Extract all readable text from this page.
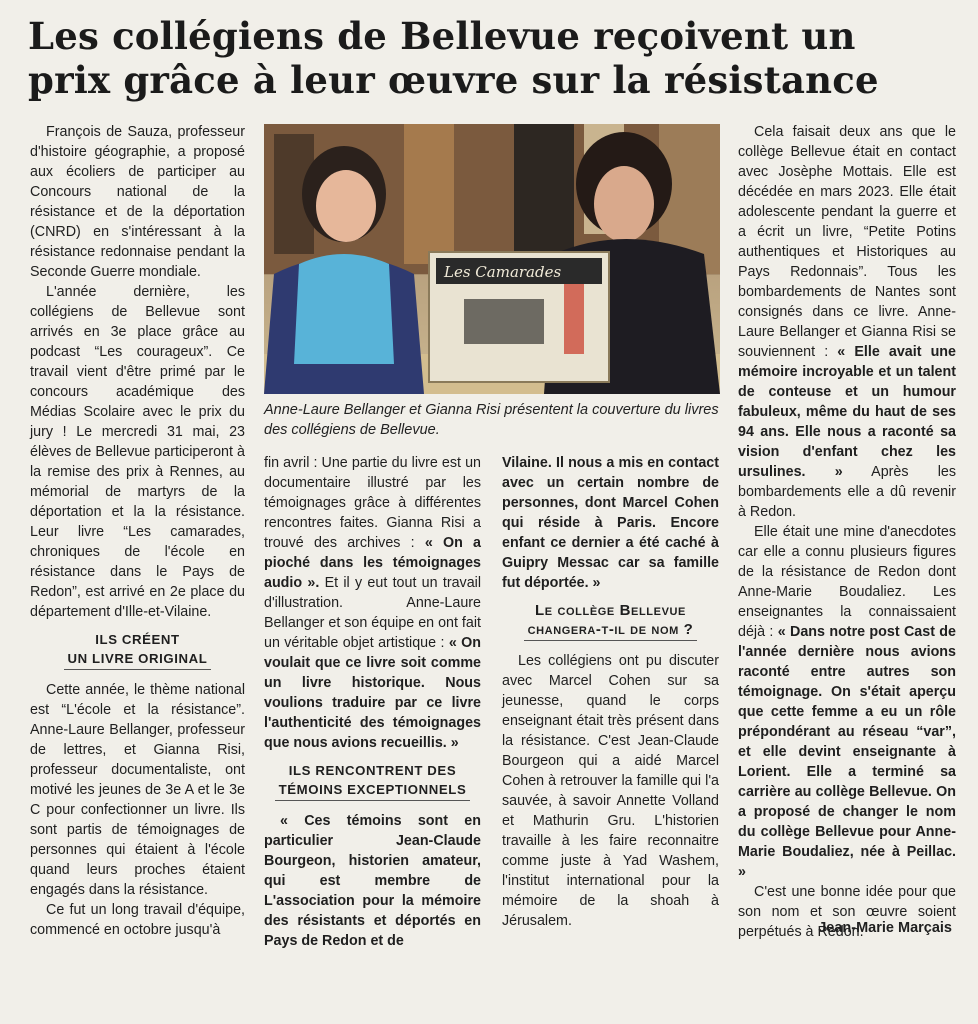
Les collégiens de Bellevue reçoivent un prix grâce à leur œuvre sur la résistance

François de Sauza, professeur d'histoire géographie, a proposé aux écoliers de participer au Concours national de la résistance et de la déportation (CNRD) en s'intéressant à la résistance redonnaise pendant la Seconde Guerre mondiale.

L'année dernière, les collégiens de Bellevue sont arrivés en 3e place grâce au podcast “Les courageux”. Ce travail vient d'être primé par le concours académique des Médias Scolaire avec le prix du jury ! Le mercredi 31 mai, 23 élèves de Bellevue participeront à la remise des prix à Rennes, au mémorial de martyrs de la déportation et la la résistance. Leur livre “Les camarades, chroniques de l'école en résistance dans le Pays de Redon”, est arrivé en 2e place du département d'Ille-et-Vilaine.

ILS CRÉENT
UN LIVRE ORIGINAL

Cette année, le thème national est “L'école et la résistance”. Anne-Laure Bellanger, professeur de lettres, et Gianna Risi, professeur documentaliste, ont motivé les jeunes de 3e A et le 3e C pour confectionner un livre. Ils sont partis de témoignages de personnes qui étaient à l'école quand leurs proches étaient engagés dans la résistance.

Ce fut un long travail d'équipe, commencé en octobre jusqu'à

Les Camarades
Anne-Laure Bellanger et Gianna Risi présentent la couverture du livres des collégiens de Bellevue.

fin avril : Une partie du livre est un documentaire illustré par les témoignages grâce à différentes rencontres faites. Gianna Risi a trouvé des archives : « On a pioché dans les témoignages audio ». Et il y eut tout un travail d'illustration. Anne-Laure Bellanger et son équipe en ont fait un véritable objet artistique : « On voulait que ce livre soit comme un livre historique. Nous voulions traduire par ce livre l'authenticité des témoignages que nous avions recueillis. »

ILS RENCONTRENT DES
TÉMOINS EXCEPTIONNELS

« Ces témoins sont en particulier Jean-Claude Bourgeon, historien amateur, qui est membre de L'association pour la mémoire des résistants et déportés en Pays de Redon et de

Vilaine. Il nous a mis en contact avec un certain nombre de personnes, dont Marcel Cohen qui réside à Paris. Encore enfant ce dernier a été caché à Guipry Messac car sa famille fut déportée. »

Le collège Bellevue
changera-t-il de nom ?

Les collégiens ont pu discuter avec Marcel Cohen sur sa jeunesse, quand le corps enseignant était très présent dans la résistance. C'est Jean-Claude Bourgeon qui a aidé Marcel Cohen à retrouver la famille qui l'a sauvée, à savoir Annette Volland et Mathurin Gru. L'historien travaille à les faire reconnaitre comme juste à Yad Washem, l'institut international pour la mémoire de la shoah à Jérusalem.

Cela faisait deux ans que le collège Bellevue était en contact avec Josèphe Mottais. Elle est décédée en mars 2023. Elle était adolescente pendant la guerre et a écrit un livre, “Petite Potins authentiques et Historiques au Pays Redonnais”. Tous les bombardements de Nantes sont consignés dans ce livre. Anne-Laure Bellanger et Gianna Risi se souviennent : « Elle avait une mémoire incroyable et un talent de conteuse et un humour fabuleux, même du haut de ses 94 ans. Elle nous a raconté sa vision d'enfant chez les ursulines. » Après les bombardements elle a dû revenir à Redon.

Elle était une mine d'anecdotes car elle a connu plusieurs figures de la résistance de Redon dont Anne-Marie Boudaliez. Les enseignantes la connaissaient déjà : « Dans notre post Cast de l'année dernière nous avions raconté entre autres son témoignage. On s'était aperçu que cette femme a eu un rôle prépondérant au réseau “var”, et elle devint enseignante à Lorient. Elle a terminé sa carrière au collège Bellevue. On a proposé de changer le nom du collège Bellevue pour Anne-Marie Boudaliez, née à Peillac. »

C'est une bonne idée pour que son nom et son œuvre soient perpétués à Redon.

Jean-Marie Marçais
